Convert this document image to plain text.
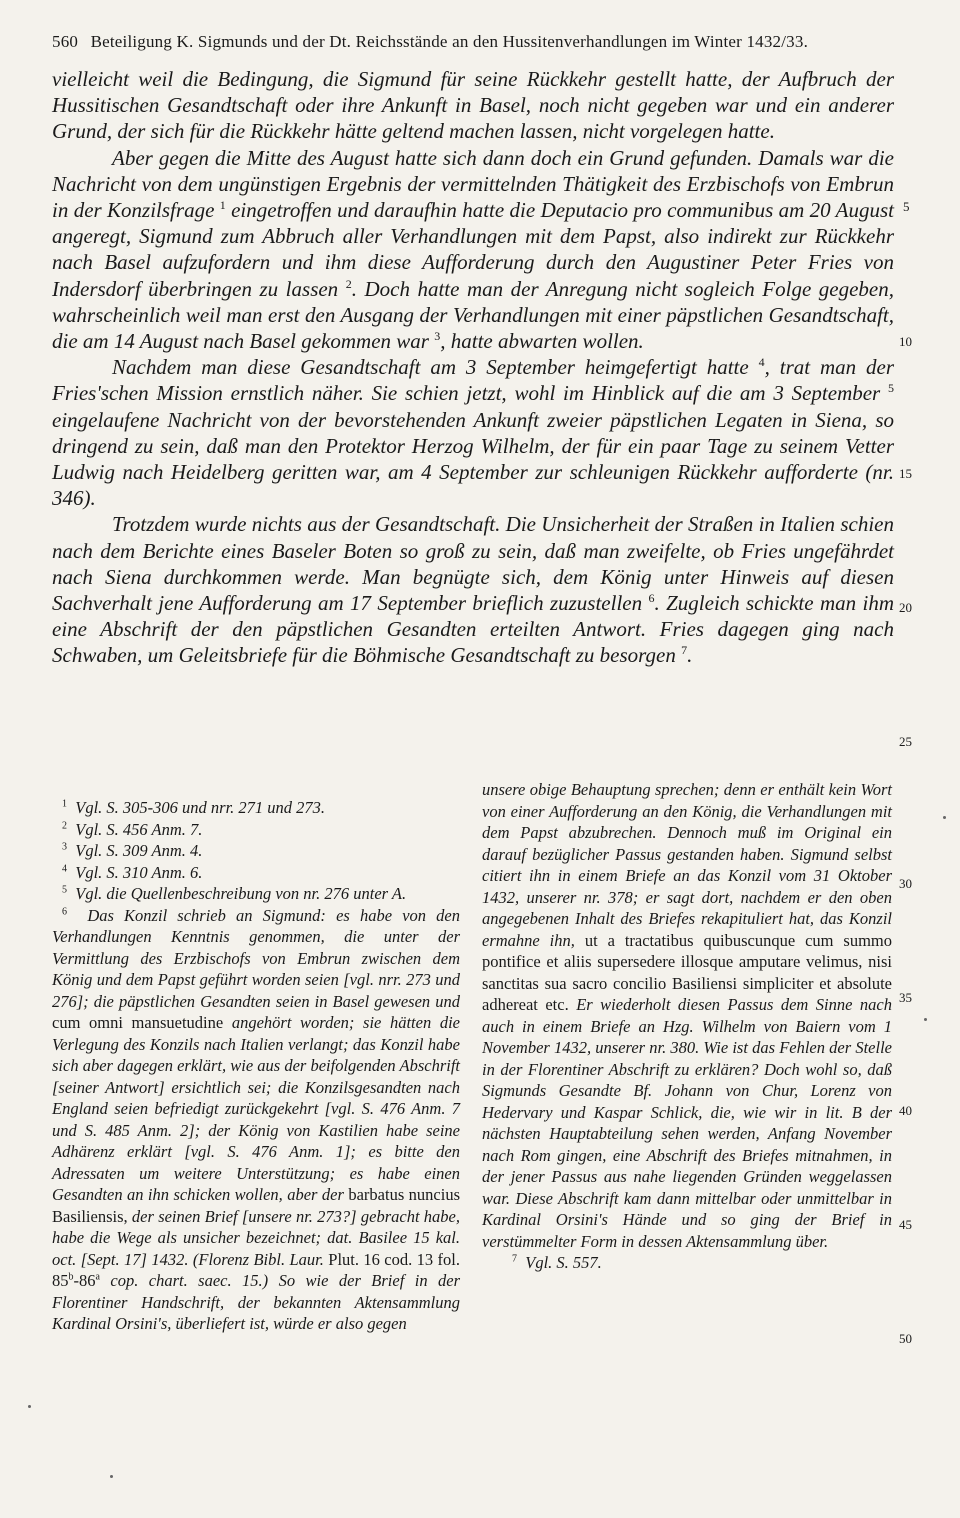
560 Beteiligung K. Sigmunds und der Dt. Reichsstände an den Hussitenverhandlungen im Winter 1432/33.

vielleicht weil die Bedingung, die Sigmund für seine Rückkehr gestellt hatte, der Aufbruch der Hussitischen Gesandtschaft oder ihre Ankunft in Basel, noch nicht gegeben war und ein anderer Grund, der sich für die Rückkehr hätte geltend machen lassen, nicht vorgelegen hatte.

Aber gegen die Mitte des August hatte sich dann doch ein Grund gefunden. Damals war die Nachricht von dem ungünstigen Ergebnis der vermittelnden Thätigkeit des Erzbischofs von Embrun in der Konzilsfrage $^1$ eingetroffen und daraufhin hatte die Deputacio pro communibus am 20 August angeregt, Sigmund zum Abbruch aller Verhandlungen mit dem Papst, also indirekt zur Rückkehr nach Basel aufzufordern und ihm diese Aufforderung durch den Augustiner Peter Fries von Indersdorf überbringen zu lassen $^2$. Doch hatte man der Anregung nicht sogleich Folge gegeben, wahrscheinlich weil man erst den Ausgang der Verhandlungen mit einer päpstlichen Gesandtschaft, die am 14 August nach Basel gekommen war $^3$, hatte abwarten wollen.

Nachdem man diese Gesandtschaft am 3 September heimgefertigt hatte $^4$, trat man der Fries'schen Mission ernstlich näher. Sie schien jetzt, wohl im Hinblick auf die am 3 September $^5$ eingelaufene Nachricht von der bevorstehenden Ankunft zweier päpstlichen Legaten in Siena, so dringend zu sein, daß man den Protektor Herzog Wilhelm, der für ein paar Tage zu seinem Vetter Ludwig nach Heidelberg geritten war, am 4 September zur schleunigen Rückkehr aufforderte (nr. 346).

Trotzdem wurde nichts aus der Gesandtschaft. Die Unsicherheit der Straßen in Italien schien nach dem Berichte eines Baseler Boten so groß zu sein, daß man zweifelte, ob Fries ungefährdet nach Siena durchkommen werde. Man begnügte sich, dem König unter Hinweis auf diesen Sachverhalt jene Aufforderung am 17 September brieflich zuzustellen $^6$. Zugleich schickte man ihm eine Abschrift der den päpstlichen Gesandten erteilten Antwort. Fries dagegen ging nach Schwaben, um Geleitsbriefe für die Böhmische Gesandtschaft zu besorgen $^7$.

5
10
15
20
25
30
35
40
45
50

$^1$ Vgl. S. 305-306 und nrr. 271 und 273.

$^2$ Vgl. S. 456 Anm. 7.

$^3$ Vgl. S. 309 Anm. 4.

$^4$ Vgl. S. 310 Anm. 6.

$^5$ Vgl. die Quellenbeschreibung von nr. 276 unter A.

$^6$ Das Konzil schrieb an Sigmund: es habe von den Verhandlungen Kenntnis genommen, die unter der Vermittlung des Erzbischofs von Embrun zwischen dem König und dem Papst geführt worden seien [vgl. nrr. 273 und 276]; die päpstlichen Gesandten seien in Basel gewesen und cum omni mansuetudine angehört worden; sie hätten die Verlegung des Konzils nach Italien verlangt; das Konzil habe sich aber dagegen erklärt, wie aus der beifolgenden Abschrift [seiner Antwort] ersichtlich sei; die Konzilsgesandten nach England seien befriedigt zurückgekehrt [vgl. S. 476 Anm. 7 und S. 485 Anm. 2]; der König von Kastilien habe seine Adhärenz erklärt [vgl. S. 476 Anm. 1]; es bitte den Adressaten um weitere Unterstützung; es habe einen Gesandten an ihn schicken wollen, aber der barbatus nuncius Basiliensis, der seinen Brief [unsere nr. 273?] gebracht habe, habe die Wege als unsicher bezeichnet; dat. Basilee 15 kal. oct. [Sept. 17] 1432. (Florenz Bibl. Laur. Plut. 16 cod. 13 fol. 85$^b$-86$^a$ cop. chart. saec. 15.) So wie der Brief in der Florentiner Handschrift, der bekannten Aktensammlung Kardinal Orsini's, überliefert ist, würde er also gegen

unsere obige Behauptung sprechen; denn er enthält kein Wort von einer Aufforderung an den König, die Verhandlungen mit dem Papst abzubrechen. Dennoch muß im Original ein darauf bezüglicher Passus gestanden haben. Sigmund selbst citiert ihn in einem Briefe an das Konzil vom 31 Oktober 1432, unserer nr. 378; er sagt dort, nachdem er den oben angegebenen Inhalt des Briefes rekapituliert hat, das Konzil ermahne ihn, ut a tractatibus quibuscunque cum summo pontifice et aliis supersedere illosque amputare velimus, nisi sanctitas sua sacro concilio Basiliensi simpliciter et absolute adhereat etc. Er wiederholt diesen Passus dem Sinne nach auch in einem Briefe an Hzg. Wilhelm von Baiern vom 1 November 1432, unserer nr. 380. Wie ist das Fehlen der Stelle in der Florentiner Abschrift zu erklären? Doch wohl so, daß Sigmunds Gesandte Bf. Johann von Chur, Lorenz von Hedervary und Kaspar Schlick, die, wie wir in lit. B der nächsten Hauptabteilung sehen werden, Anfang November nach Rom gingen, eine Abschrift des Briefes mitnahmen, in der jener Passus aus nahe liegenden Gründen weggelassen war. Diese Abschrift kam dann mittelbar oder unmittelbar in Kardinal Orsini's Hände und so ging der Brief in verstümmelter Form in dessen Aktensammlung über.

$^7$ Vgl. S. 557.
